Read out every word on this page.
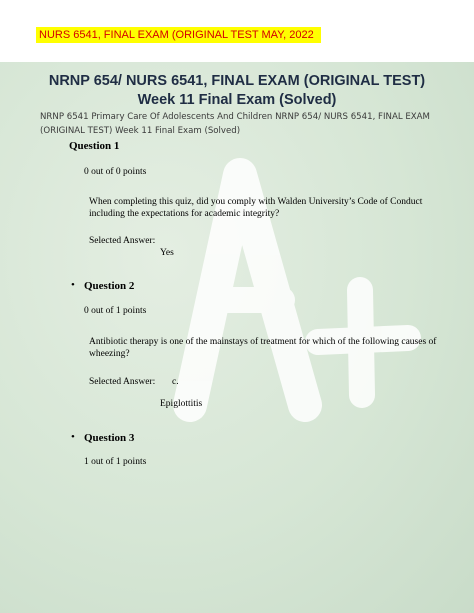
NURS 6541, FINAL EXAM (ORIGINAL TEST MAY, 2022
NRNP 654/ NURS 6541, FINAL EXAM (ORIGINAL TEST) Week 11 Final Exam (Solved)
NRNP 6541 Primary Care Of Adolescents And Children NRNP 654/ NURS 6541, FINAL EXAM (ORIGINAL TEST) Week 11 Final Exam (Solved)
Question 1
0 out of 0 points
When completing this quiz, did you comply with Walden University’s Code of Conduct including the expectations for academic integrity?
Selected Answer:
Yes
• Question 2
0 out of 1 points
Antibiotic therapy is one of the mainstays of treatment for which of the following causes of wheezing?
Selected Answer: c.
Epiglottitis
• Question 3
1 out of 1 points
